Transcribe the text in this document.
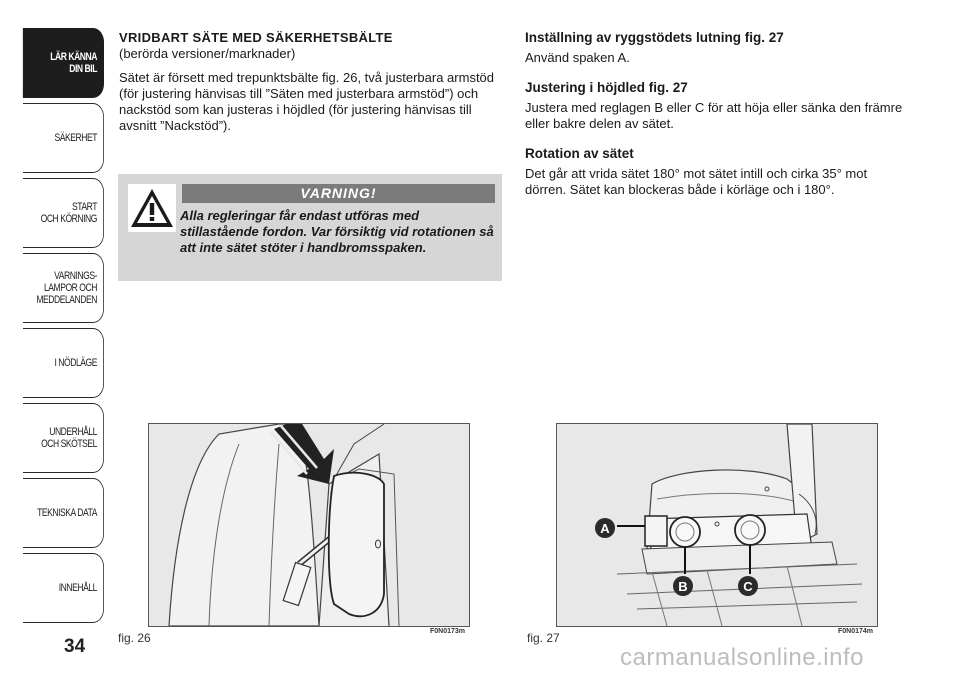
LÄR KÄNNA
DIN BIL
SÄKERHET
START
OCH KÖRNING
VARNINGS-
LAMPOR OCH
MEDDELANDEN
I NÖDLÄGE
UNDERHÅLL
OCH SKÖTSEL
TEKNISKA DATA
INNEHÅLL
34

VRIDBART SÄTE MED SÄKERHETSBÄLTE

(berörda versioner/marknader)

Sätet är försett med trepunktsbälte fig. 26, två justerbara armstöd (för justering hänvisas till ”Säten med justerbara armstöd”) och nackstöd som kan justeras i höjdled (för justering hänvisas till avsnitt ”Nackstöd”).

VARNING!
Alla regleringar får endast utföras med stillastående fordon. Var försiktig vid rotationen så att inte sätet stöter i handbromsspaken.

Inställning av ryggstödets lutning fig. 27

Använd spaken A.

Justering i höjdled fig. 27

Justera med reglagen B eller C för att höja eller sänka den främre eller bakre delen av sätet.

Rotation av sätet

Det går att vrida sätet 180° mot sätet intill och cirka 35° mot dörren. Sätet kan blockeras både i körläge och i 180°.

fig. 26	F0N0173m
A
B	C
fig. 27	F0N0174m
carmanualsonline.info
